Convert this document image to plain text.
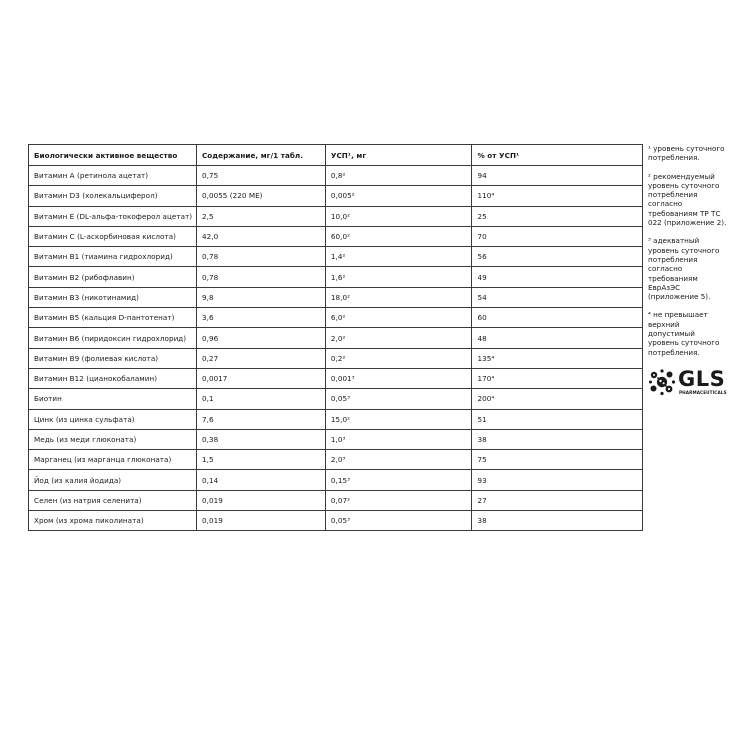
Биологически активное вещество	Содержание, мг/1 табл.	УСП¹, мг	% от УСП¹
Витамин А (ретинола ацетат)	0,75	0,8²	94
Витамин D3 (холекальциферол)	0,0055 (220 МЕ)	0,005²	110⁴
Витамин Е (DL-альфа-токоферол ацетат)	2,5	10,0²	25
Витамин С (L-аскорбиновая кислота)	42,0	60,0²	70
Витамин В1 (тиамина гидрохлорид)	0,78	1,4²	56
Витамин В2 (рибофлавин)	0,78	1,6²	49
Витамин В3 (никотинамид)	9,8	18,0²	54
Витамин В5 (кальция D-пантотенат)	3,6	6,0²	60
Витамин В6 (пиридоксин гидрохлорид)	0,96	2,0²	48
Витамин В9 (фолиевая кислота)	0,27	0,2²	135⁴
Витамин В12 (цианокобаламин)	0,0017	0,001³	170⁴
Биотин	0,1	0,05³	200⁴
Цинк (из цинка сульфата)	7,6	15,0²	51
Медь (из меди глюконата)	0,38	1,0³	38
Марганец (из марганца глюконата)	1,5	2,0³	75
Йод (из калия йодида)	0,14	0,15³	93
Селен (из натрия селенита)	0,019	0,07²	27
Хром (из хрома пиколината)	0,019	0,05³	38
¹ уровень суточного
потребления.
² рекомендуемый
уровень суточного
потребления
согласно
требованиям ТР ТС
022 (приложение 2).
³ адекватный
уровень суточного
потребления
согласно
требованиям
ЕврАзЭС
(приложение 5).
⁴ не превышает
верхний
допустимый
уровень суточного
потребления.
GLS
PHARMACEUTICALS
